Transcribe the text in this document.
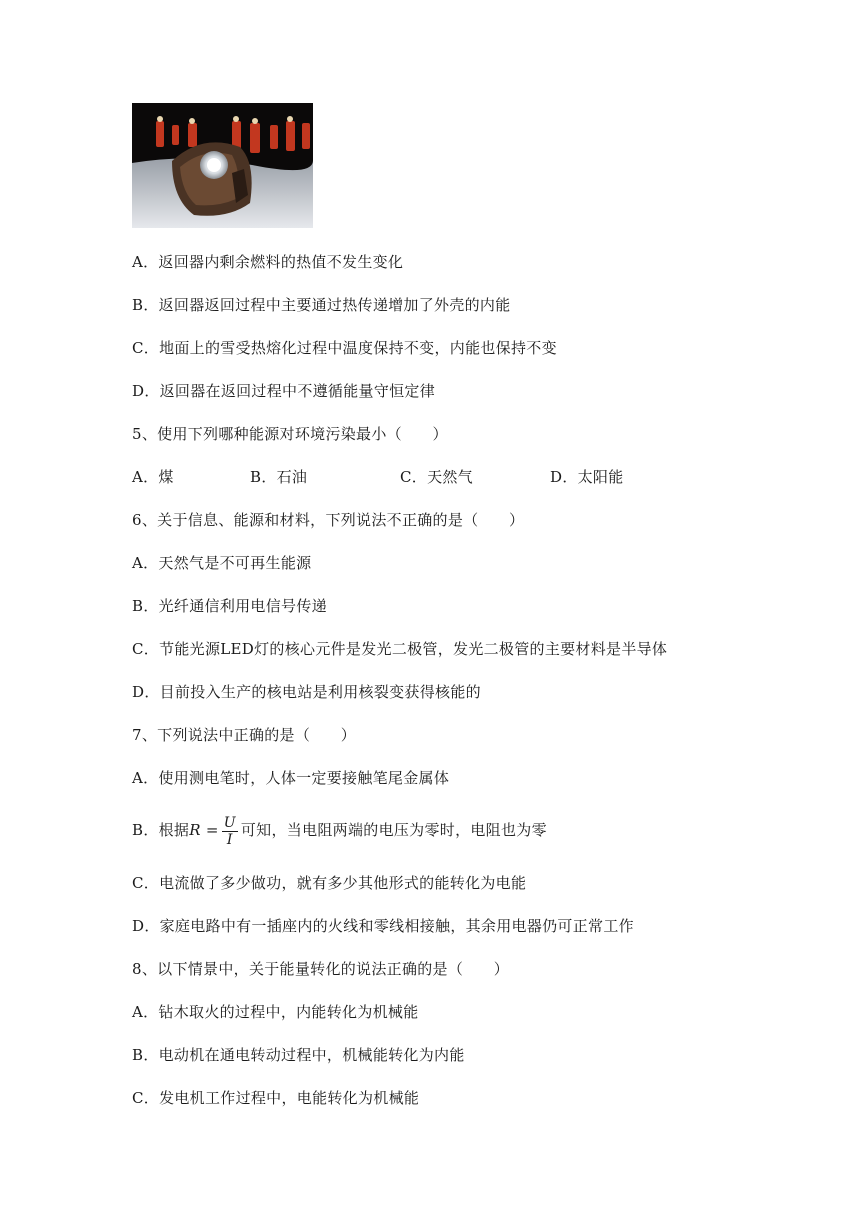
A．返回器内剩余燃料的热值不发生变化
B．返回器返回过程中主要通过热传递增加了外壳的内能
C．地面上的雪受热熔化过程中温度保持不变，内能也保持不变
D．返回器在返回过程中不遵循能量守恒定律
5、使用下列哪种能源对环境污染最小（　　）
A．煤	B．石油	C．天然气	D．太阳能
6、关于信息、能源和材料，下列说法不正确的是（　　）
A．天然气是不可再生能源
B．光纤通信利用电信号传递
C．节能光源LED灯的核心元件是发光二极管，发光二极管的主要材料是半导体
D．目前投入生产的核电站是利用核裂变获得核能的
7、下列说法中正确的是（　　）
A．使用测电笔时，人体一定要接触笔尾金属体
B．根据$R = \frac{U}{I}$ 可知，当电阻两端的电压为零时，电阻也为零
C．电流做了多少做功，就有多少其他形式的能转化为电能
D．家庭电路中有一插座内的火线和零线相接触，其余用电器仍可正常工作
8、以下情景中，关于能量转化的说法正确的是（　　）
A．钻木取火的过程中，内能转化为机械能
B．电动机在通电转动过程中，机械能转化为内能
C．发电机工作过程中，电能转化为机械能
